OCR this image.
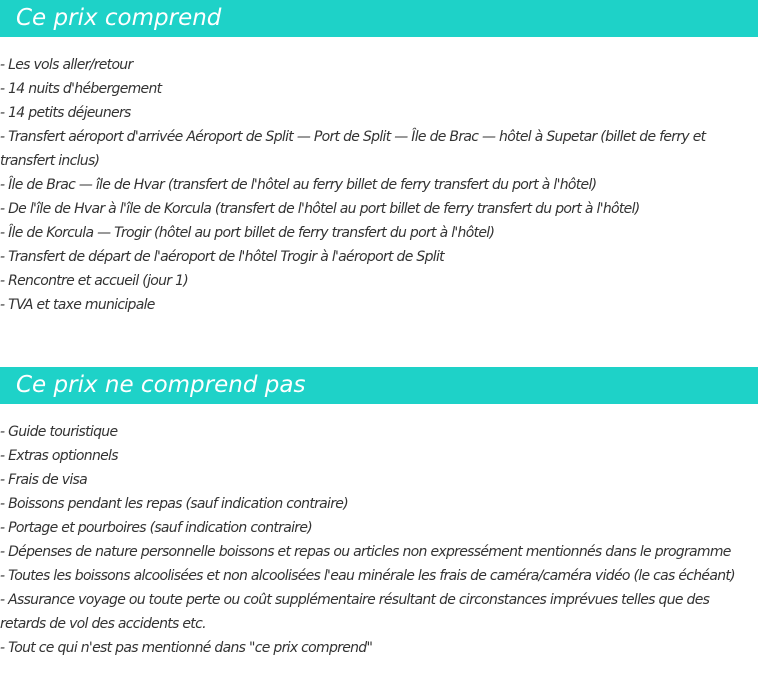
Ce prix comprend
- Les vols aller/retour
- 14 nuits d'hébergement
- 14 petits déjeuners
- Transfert aéroport d'arrivée Aéroport de Split — Port de Split — Île de Brac — hôtel à Supetar (billet de ferry et transfert inclus)
- Île de Brac — île de Hvar (transfert de l'hôtel au ferry billet de ferry transfert du port à l'hôtel)
- De l'île de Hvar à l'île de Korcula (transfert de l'hôtel au port billet de ferry transfert du port à l'hôtel)
- Île de Korcula — Trogir (hôtel au port billet de ferry transfert du port à l'hôtel)
- Transfert de départ de l'aéroport de l'hôtel Trogir à l'aéroport de Split
- Rencontre et accueil (jour 1)
- TVA et taxe municipale
Ce prix ne comprend pas
- Guide touristique
- Extras optionnels
- Frais de visa
- Boissons pendant les repas (sauf indication contraire)
- Portage et pourboires (sauf indication contraire)
- Dépenses de nature personnelle boissons et repas ou articles non expressément mentionnés dans le programme
- Toutes les boissons alcoolisées et non alcoolisées l'eau minérale les frais de caméra/caméra vidéo (le cas échéant)
- Assurance voyage ou toute perte ou coût supplémentaire résultant de circonstances imprévues telles que des retards de vol des accidents etc.
- Tout ce qui n'est pas mentionné dans "ce prix comprend"
